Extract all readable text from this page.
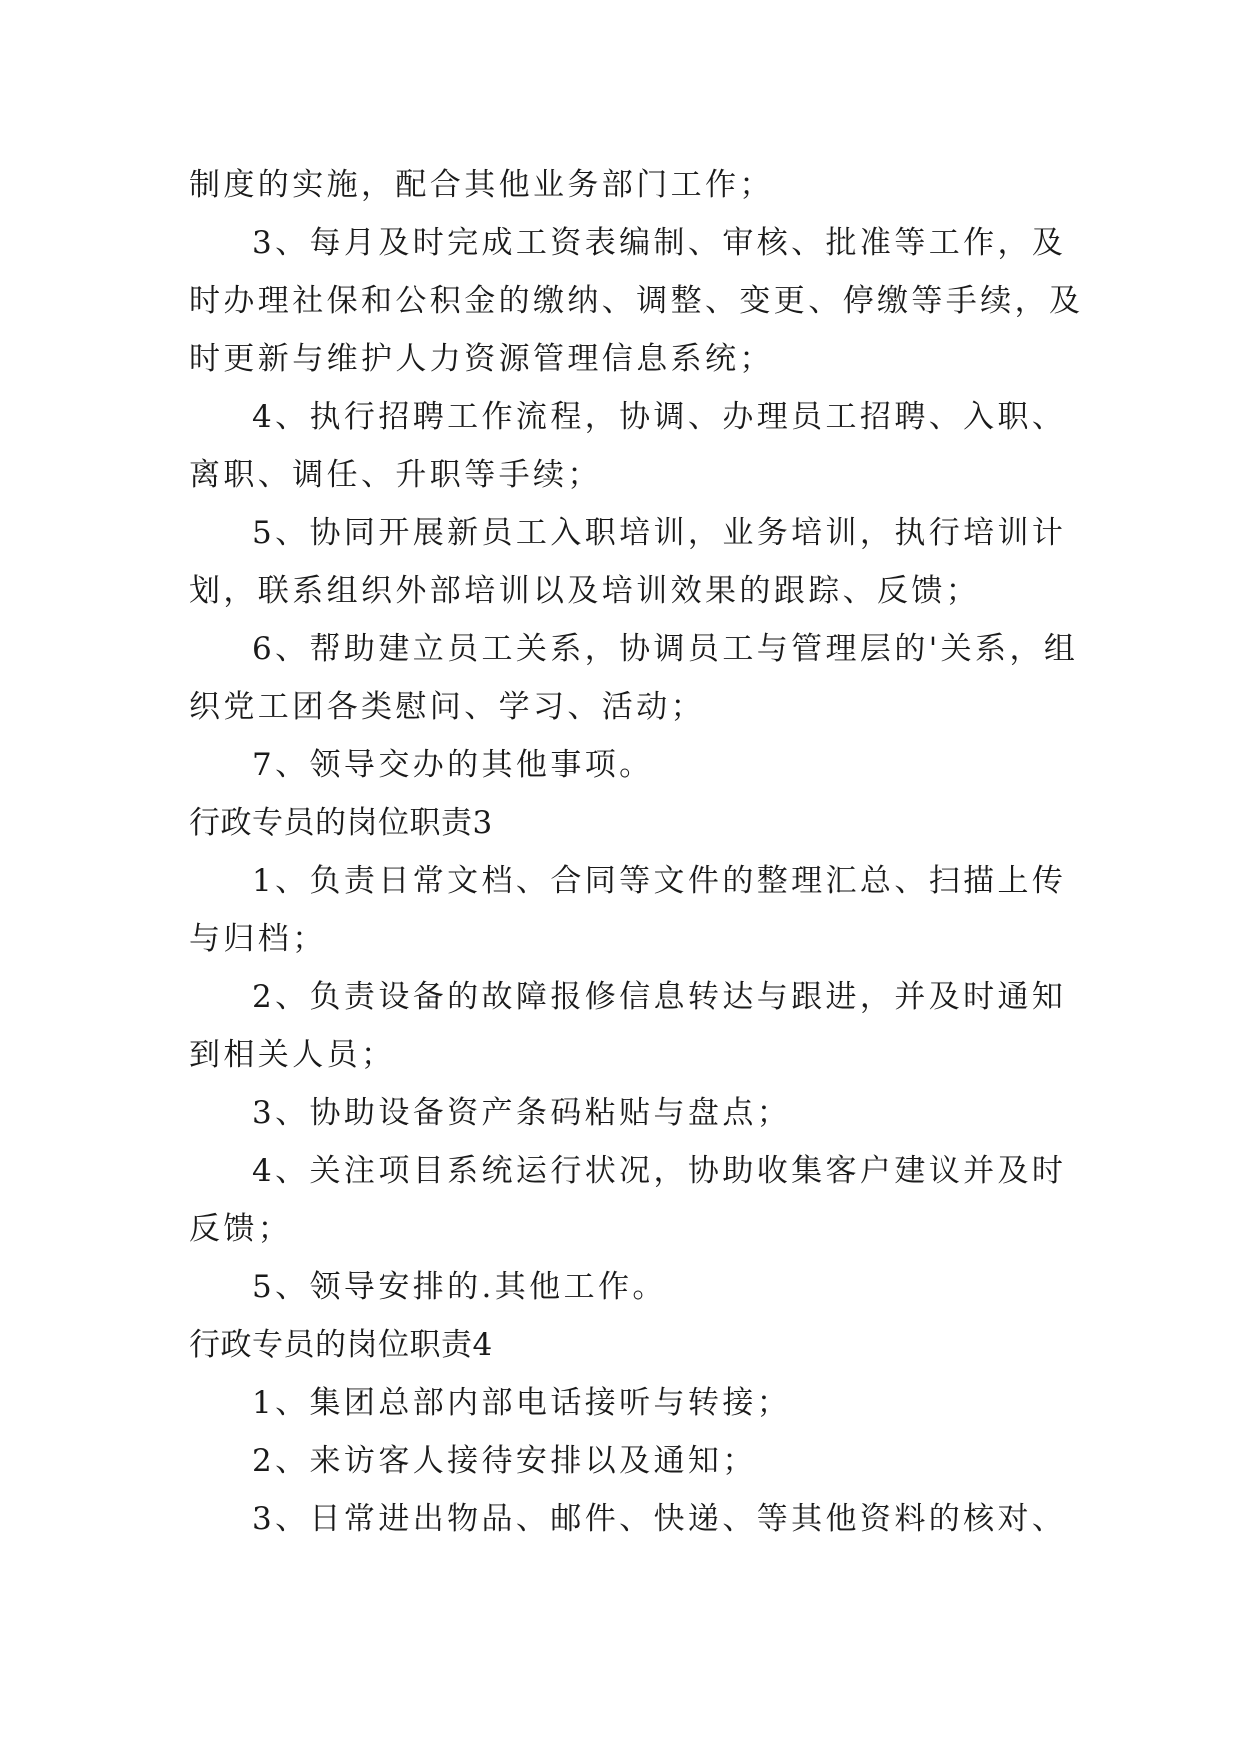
制度的实施，配合其他业务部门工作；
3、每月及时完成工资表编制、审核、批准等工作，及
时办理社保和公积金的缴纳、调整、变更、停缴等手续，及
时更新与维护人力资源管理信息系统；
4、执行招聘工作流程，协调、办理员工招聘、入职、
离职、调任、升职等手续；
5、协同开展新员工入职培训，业务培训，执行培训计
划，联系组织外部培训以及培训效果的跟踪、反馈；
6、帮助建立员工关系，协调员工与管理层的'关系，组
织党工团各类慰问、学习、活动；
7、领导交办的其他事项。
行政专员的岗位职责3
1、负责日常文档、合同等文件的整理汇总、扫描上传
与归档；
2、负责设备的故障报修信息转达与跟进，并及时通知
到相关人员；
3、协助设备资产条码粘贴与盘点；
4、关注项目系统运行状况，协助收集客户建议并及时
反馈；
5、领导安排的.其他工作。
行政专员的岗位职责4
1、集团总部内部电话接听与转接；
2、来访客人接待安排以及通知；
3、日常进出物品、邮件、快递、等其他资料的核对、
